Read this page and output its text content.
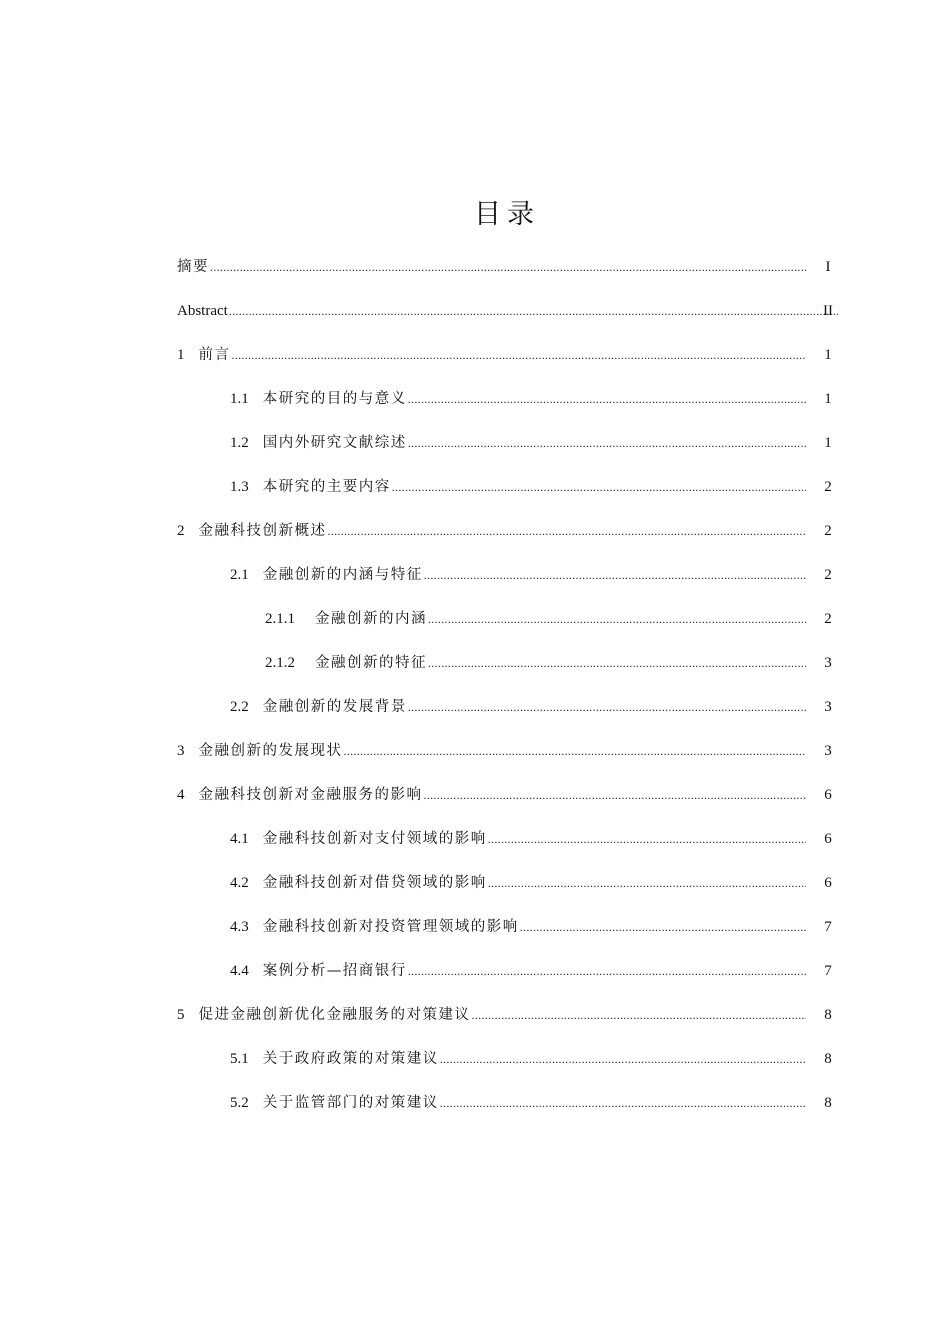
目录
摘要 .....	I
Abstract .....	II
1 前言 .....	1
1.1 本研究的目的与意义 .....	1
1.2 国内外研究文献综述 .....	1
1.3 本研究的主要内容 .....	2
2 金融科技创新概述 .....	2
2.1 金融创新的内涵与特征 .....	2
2.1.1 金融创新的内涵 .....	2
2.1.2 金融创新的特征 .....	3
2.2 金融创新的发展背景 .....	3
3 金融创新的发展现状 .....	3
4 金融科技创新对金融服务的影响 .....	6
4.1 金融科技创新对支付领域的影响 .....	6
4.2 金融科技创新对借贷领域的影响 .....	6
4.3 金融科技创新对投资管理领域的影响 .....	7
4.4 案例分析—招商银行 .....	7
5 促进金融创新优化金融服务的对策建议 .....	8
5.1 关于政府政策的对策建议 .....	8
5.2 关于监管部门的对策建议 .....	8
